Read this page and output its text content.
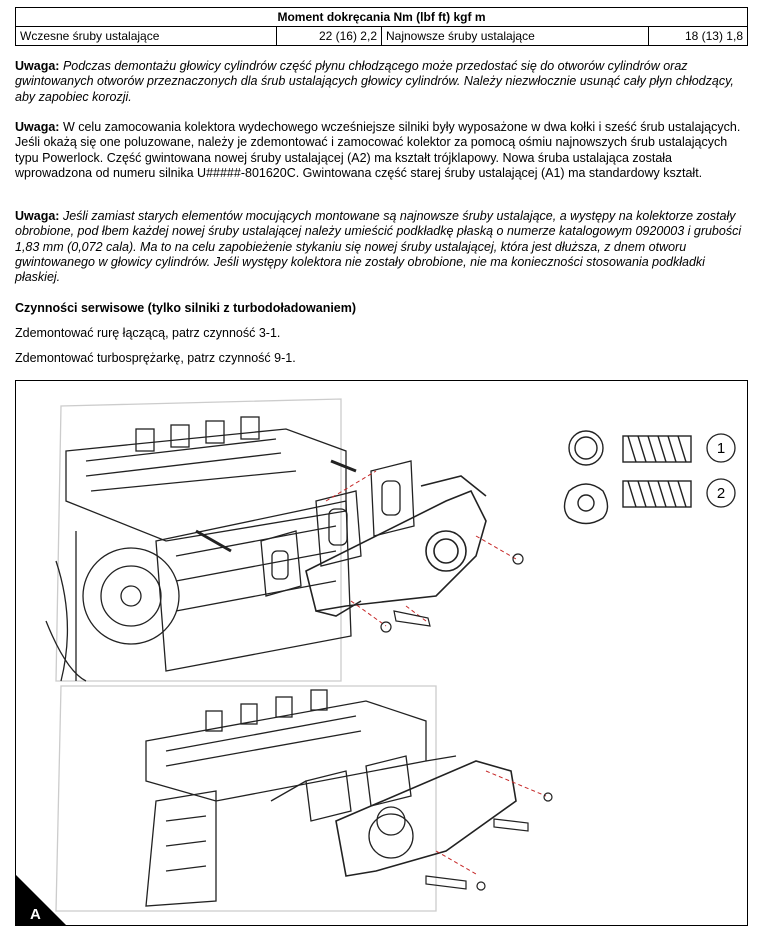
Moment dokręcania Nm (lbf ft) kgf m
Wczesne śruby ustalające	22 (16) 2,2	Najnowsze śruby ustalające	18 (13) 1,8

Uwaga: Podczas demontażu głowicy cylindrów część płynu chłodzącego może przedostać się do otworów cylindrów oraz gwintowanych otworów przeznaczonych dla śrub ustalających głowicy cylindrów. Należy niezwłocznie usunąć cały płyn chłodzący, aby zapobiec korozji.

Uwaga: W celu zamocowania kolektora wydechowego wcześniejsze silniki były wyposażone w dwa kołki i sześć śrub ustalających. Jeśli okażą się one poluzowane, należy je zdemontować i zamocować kolektor za pomocą ośmiu najnowszych śrub ustalających typu Powerlock. Część gwintowana nowej śruby ustalającej (A2) ma kształt trójklapowy. Nowa śruba ustalająca została wprowadzona od numeru silnika U#####-801620C. Gwintowana część starej śruby ustalającej (A1) ma standardowy kształt.

Uwaga: Jeśli zamiast starych elementów mocujących montowane są najnowsze śruby ustalające, a występy na kolektorze zostały obrobione, pod łbem każdej nowej śruby ustalającej należy umieścić podkładkę płaską o numerze katalogowym 0920003 i grubości 1,83 mm (0,072 cala). Ma to na celu zapobieżenie stykaniu się nowej śruby ustalającej, która jest dłuższa, z dnem otworu gwintowanego w głowicy cylindrów. Jeśli występy kolektora nie zostały obrobione, nie ma konieczności stosowania podkładki płaskiej.

Czynności serwisowe (tylko silniki z turbodoładowaniem)

Zdemontować rurę łączącą, patrz czynność 3-1.

Zdemontować turbosprężarkę, patrz czynność 9-1.

1
2
A
